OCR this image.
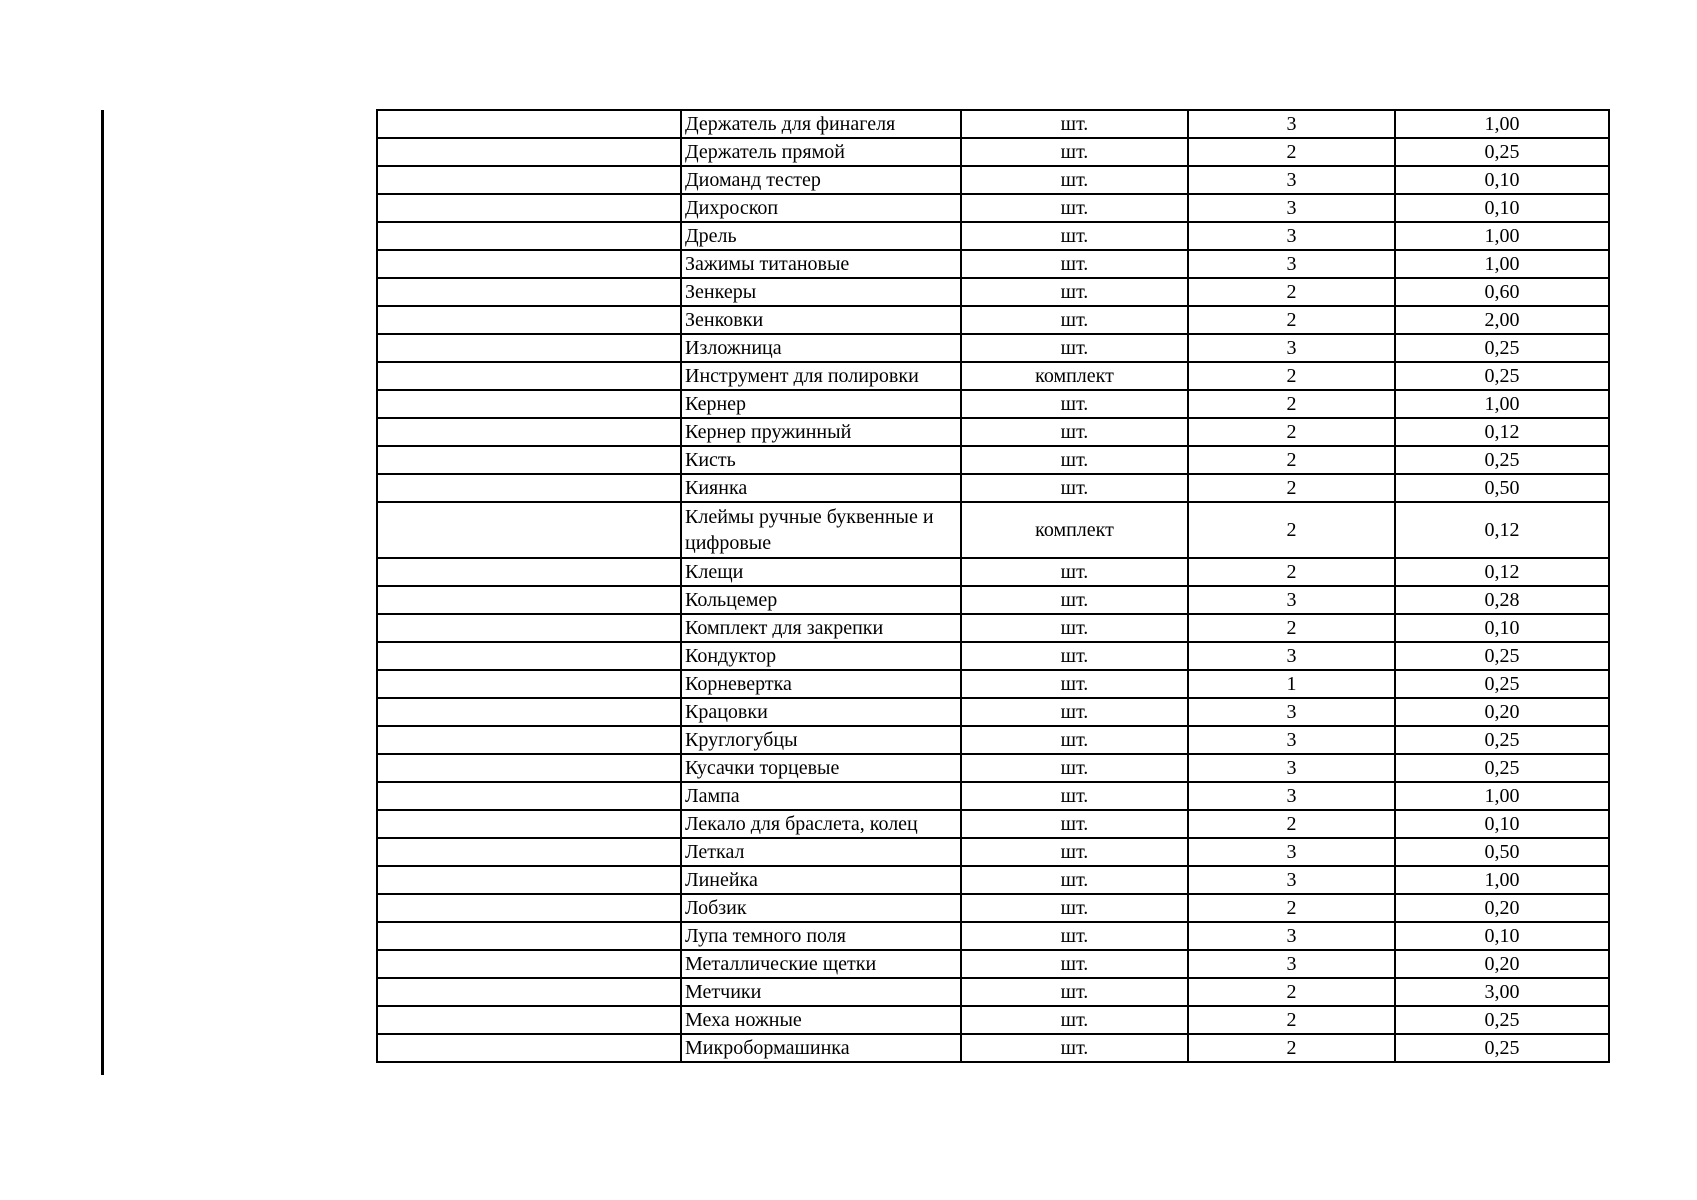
	Держатель для финагеля	шт.	3	1,00
	Держатель прямой	шт.	2	0,25
	Диоманд тестер	шт.	3	0,10
	Дихроскоп	шт.	3	0,10
	Дрель	шт.	3	1,00
	Зажимы титановые	шт.	3	1,00
	Зенкеры	шт.	2	0,60
	Зенковки	шт.	2	2,00
	Изложница	шт.	3	0,25
	Инструмент для полировки	комплект	2	0,25
	Кернер	шт.	2	1,00
	Кернер пружинный	шт.	2	0,12
	Кисть	шт.	2	0,25
	Киянка	шт.	2	0,50
	Клеймы ручные буквенные и цифровые	комплект	2	0,12
	Клещи	шт.	2	0,12
	Кольцемер	шт.	3	0,28
	Комплект для закрепки	шт.	2	0,10
	Кондуктор	шт.	3	0,25
	Корневертка	шт.	1	0,25
	Крацовки	шт.	3	0,20
	Круглогубцы	шт.	3	0,25
	Кусачки торцевые	шт.	3	0,25
	Лампа	шт.	3	1,00
	Лекало для браслета, колец	шт.	2	0,10
	Леткал	шт.	3	0,50
	Линейка	шт.	3	1,00
	Лобзик	шт.	2	0,20
	Лупа темного поля	шт.	3	0,10
	Металлические щетки	шт.	3	0,20
	Метчики	шт.	2	3,00
	Меха ножные	шт.	2	0,25
	Микробормашинка	шт.	2	0,25
